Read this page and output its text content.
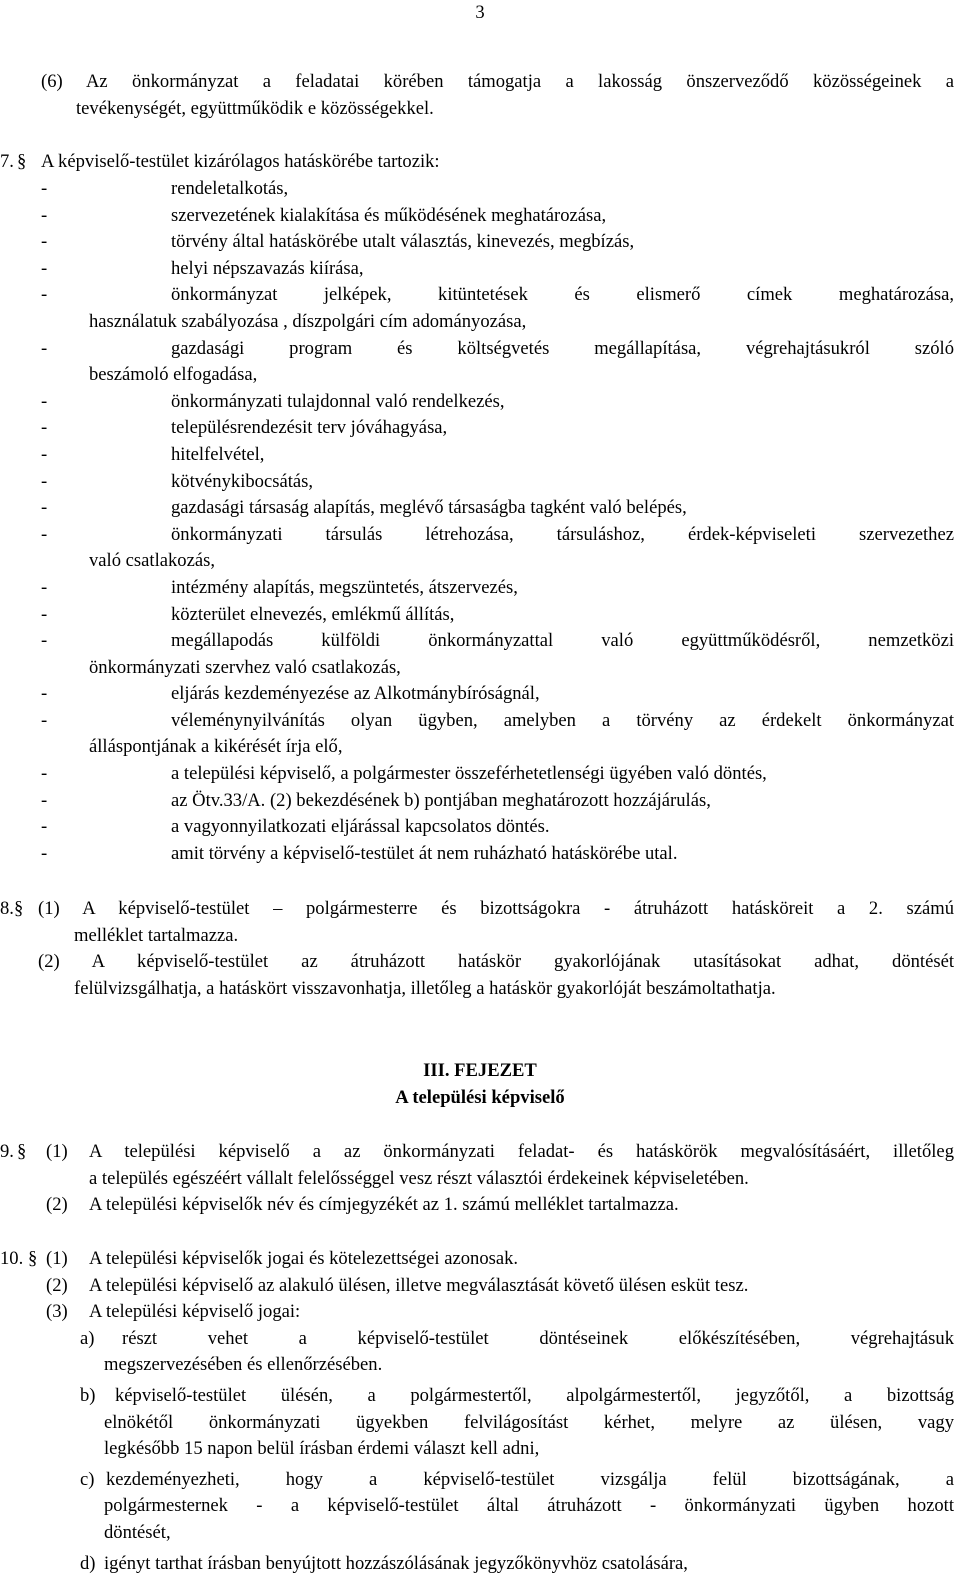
3
(6) Az önkormányzat a feladatai körében támogatja a lakosság önszerveződő közösségeinek a
tevékenységét, együttműködik e közösségekkel.
7. § A képviselő-testület kizárólagos hatáskörébe tartozik:
-	rendeletalkotás,
-	szervezetének kialakítása és működésének meghatározása,
-	törvény által hatáskörébe utalt választás, kinevezés, megbízás,
-	helyi népszavazás kiírása,
-	önkormányzat jelképek, kitüntetések és elismerő címek meghatározása,
használatuk szabályozása , díszpolgári cím adományozása,
-	gazdasági program és költségvetés megállapítása, végrehajtásukról szóló
beszámoló elfogadása,
-	önkormányzati tulajdonnal való rendelkezés,
-	településrendezésit terv jóváhagyása,
-	hitelfelvétel,
-	kötvénykibocsátás,
-	gazdasági társaság alapítás, meglévő társaságba tagként való belépés,
-	önkormányzati társulás létrehozása, társuláshoz, érdek-képviseleti szervezethez
való csatlakozás,
-	intézmény alapítás, megszüntetés, átszervezés,
-	közterület elnevezés, emlékmű állítás,
-	megállapodás külföldi önkormányzattal való együttműködésről, nemzetközi
önkormányzati szervhez való csatlakozás,
-	eljárás kezdeményezése az Alkotmánybíróságnál,
-	véleménynyilvánítás olyan ügyben, amelyben a törvény az érdekelt önkormányzat
álláspontjának a kikérését írja elő,
-	a települési képviselő, a polgármester összeférhetetlenségi ügyében való döntés,
-	az Ötv.33/A. (2) bekezdésének b) pontjában meghatározott hozzájárulás,
-	a vagyonnyilatkozati eljárással kapcsolatos döntés.
-	amit törvény a képviselő-testület át nem ruházható hatáskörébe utal.
8.§ (1) A képviselő-testület – polgármesterre és bizottságokra - átruházott hatásköreit a 2. számú
melléklet tartalmazza.
(2) A képviselő-testület az átruházott hatáskör gyakorlójának utasításokat adhat, döntését
felülvizsgálhatja, a hatáskört visszavonhatja, illetőleg a hatáskör gyakorlóját beszámoltathatja.
III. FEJEZET
A települési képviselő
9. § (1) A települési képviselő a az önkormányzati feladat- és hatáskörök megvalósításáért, illetőleg
a település egészéért vállalt felelősséggel vesz részt választói érdekeinek képviseletében.
(2) A települési képviselők név és címjegyzékét az 1. számú melléklet tartalmazza.
10. § (1) A települési képviselők jogai és kötelezettségei azonosak.
(2) A települési képviselő az alakuló ülésen, illetve megválasztását követő ülésen esküt tesz.
(3) A települési képviselő jogai:
a) részt vehet a képviselő-testület döntéseinek előkészítésében, végrehajtásuk
megszervezésében és ellenőrzésében.
b) képviselő-testület ülésén, a polgármestertől, alpolgármestertől, jegyzőtől, a bizottság
elnökétől önkormányzati ügyekben felvilágosítást kérhet, melyre az ülésen, vagy
legkésőbb 15 napon belül írásban érdemi választ kell adni,
c) kezdeményezheti, hogy a képviselő-testület vizsgálja felül bizottságának, a
polgármesternek - a képviselő-testület által átruházott - önkormányzati ügyben hozott
döntését,
d) igényt tarthat írásban benyújtott hozzászólásának jegyzőkönyvhöz csatolására,
